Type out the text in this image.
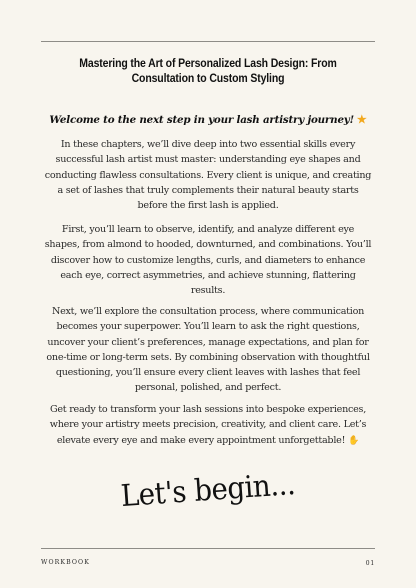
Mastering the Art of Personalized Lash Design: From Consultation to Custom Styling

Welcome to the next step in your lash artistry journey! ★

In these chapters, we’ll dive deep into two essential skills every successful lash artist must master: understanding eye shapes and conducting flawless consultations. Every client is unique, and creating a set of lashes that truly complements their natural beauty starts before the first lash is applied.

First, you’ll learn to observe, identify, and analyze different eye shapes, from almond to hooded, downturned, and combinations. You’ll discover how to customize lengths, curls, and diameters to enhance each eye, correct asymmetries, and achieve stunning, flattering results.

Next, we’ll explore the consultation process, where communication becomes your superpower. You’ll learn to ask the right questions, uncover your client’s preferences, manage expectations, and plan for one-time or long-term sets. By combining observation with thoughtful questioning, you’ll ensure every client leaves with lashes that feel personal, polished, and perfect.

Get ready to transform your lash sessions into bespoke experiences, where your artistry meets precision, creativity, and client care. Let’s elevate every eye and make every appointment unforgettable! ✋

Let's begin...
WORKBOOK	01
